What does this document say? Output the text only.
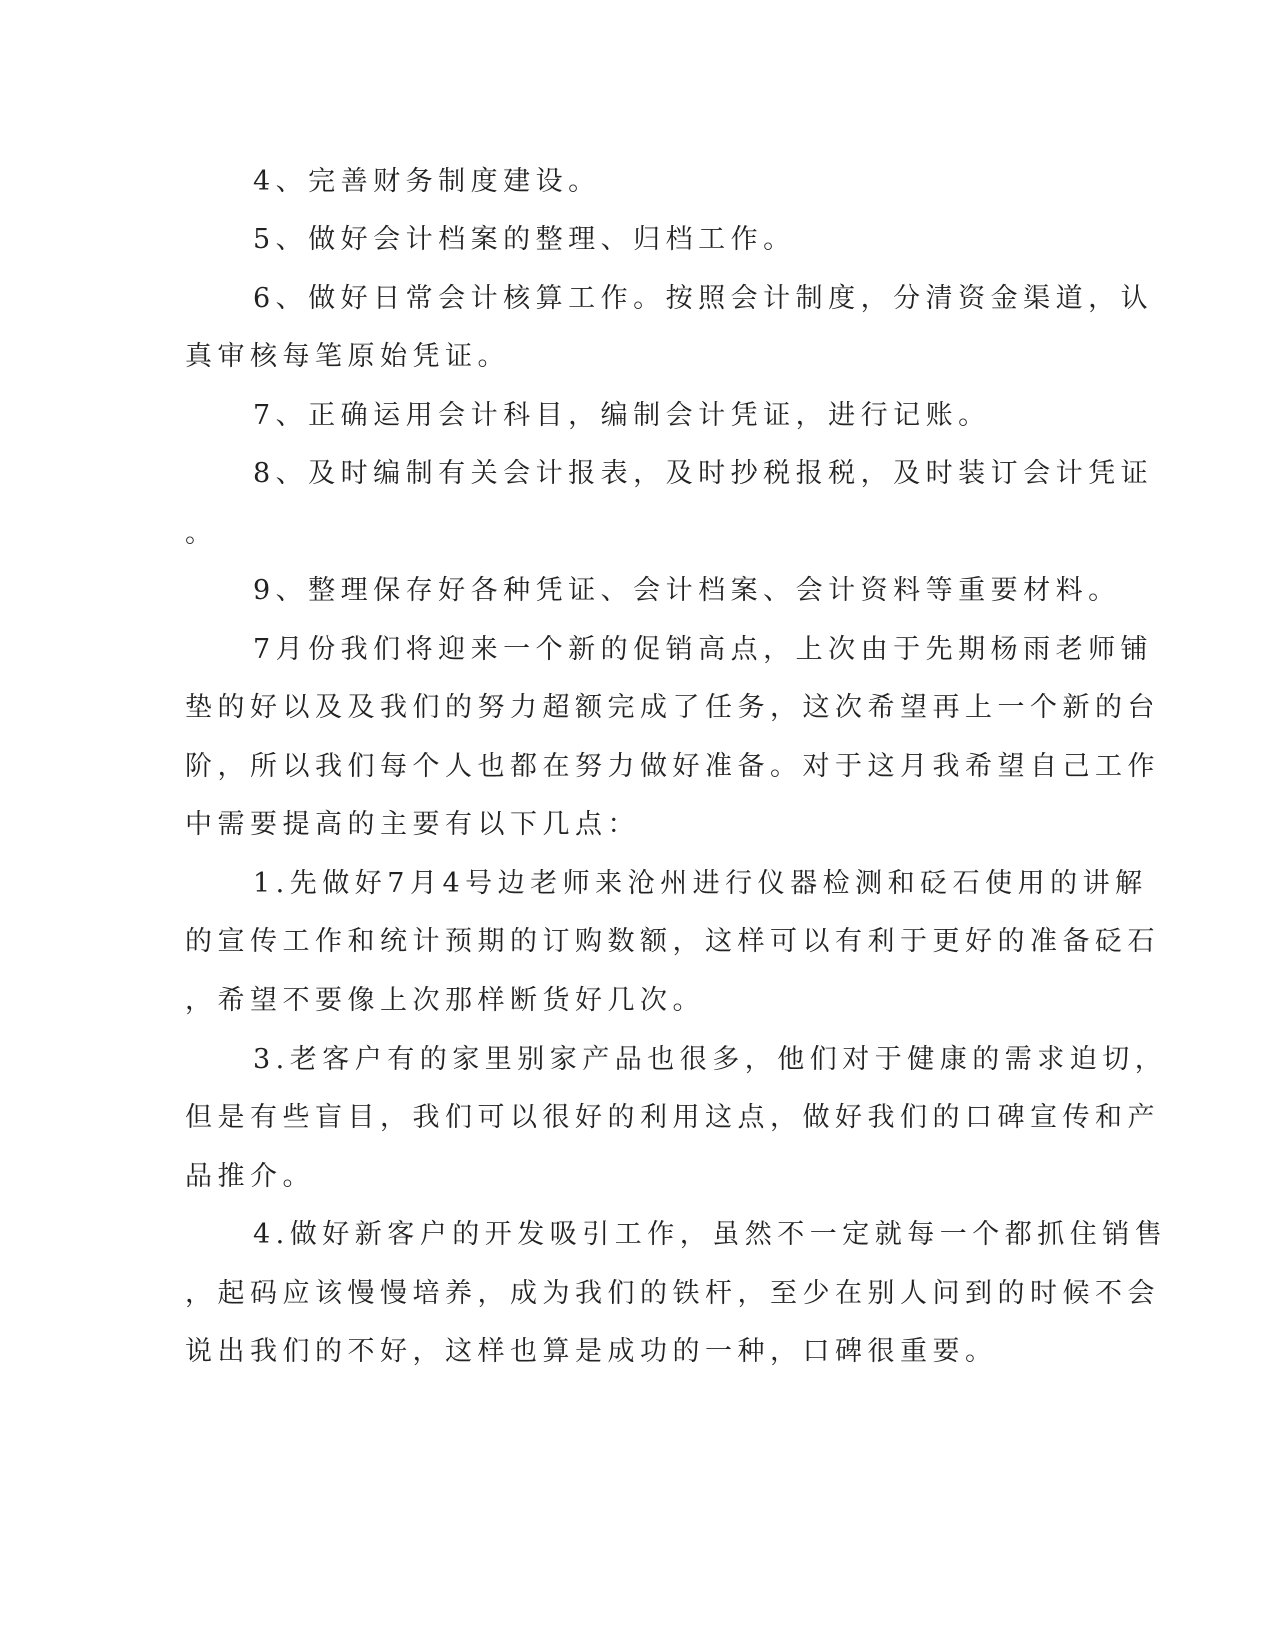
4、完善财务制度建设。
5、做好会计档案的整理、归档工作。
6、做好日常会计核算工作。按照会计制度，分清资金渠道，认
真审核每笔原始凭证。
7、正确运用会计科目，编制会计凭证，进行记账。
8、及时编制有关会计报表，及时抄税报税，及时装订会计凭证
。
9、整理保存好各种凭证、会计档案、会计资料等重要材料。
7月份我们将迎来一个新的促销高点，上次由于先期杨雨老师铺
垫的好以及及我们的努力超额完成了任务，这次希望再上一个新的台
阶，所以我们每个人也都在努力做好准备。对于这月我希望自己工作
中需要提高的主要有以下几点：
1.先做好7月4号边老师来沧州进行仪器检测和砭石使用的讲解
的宣传工作和统计预期的订购数额，这样可以有利于更好的准备砭石
，希望不要像上次那样断货好几次。
3.老客户有的家里别家产品也很多，他们对于健康的需求迫切，
但是有些盲目，我们可以很好的利用这点，做好我们的口碑宣传和产
品推介。
4.做好新客户的开发吸引工作，虽然不一定就每一个都抓住销售
，起码应该慢慢培养，成为我们的铁杆，至少在别人问到的时候不会
说出我们的不好，这样也算是成功的一种，口碑很重要。
